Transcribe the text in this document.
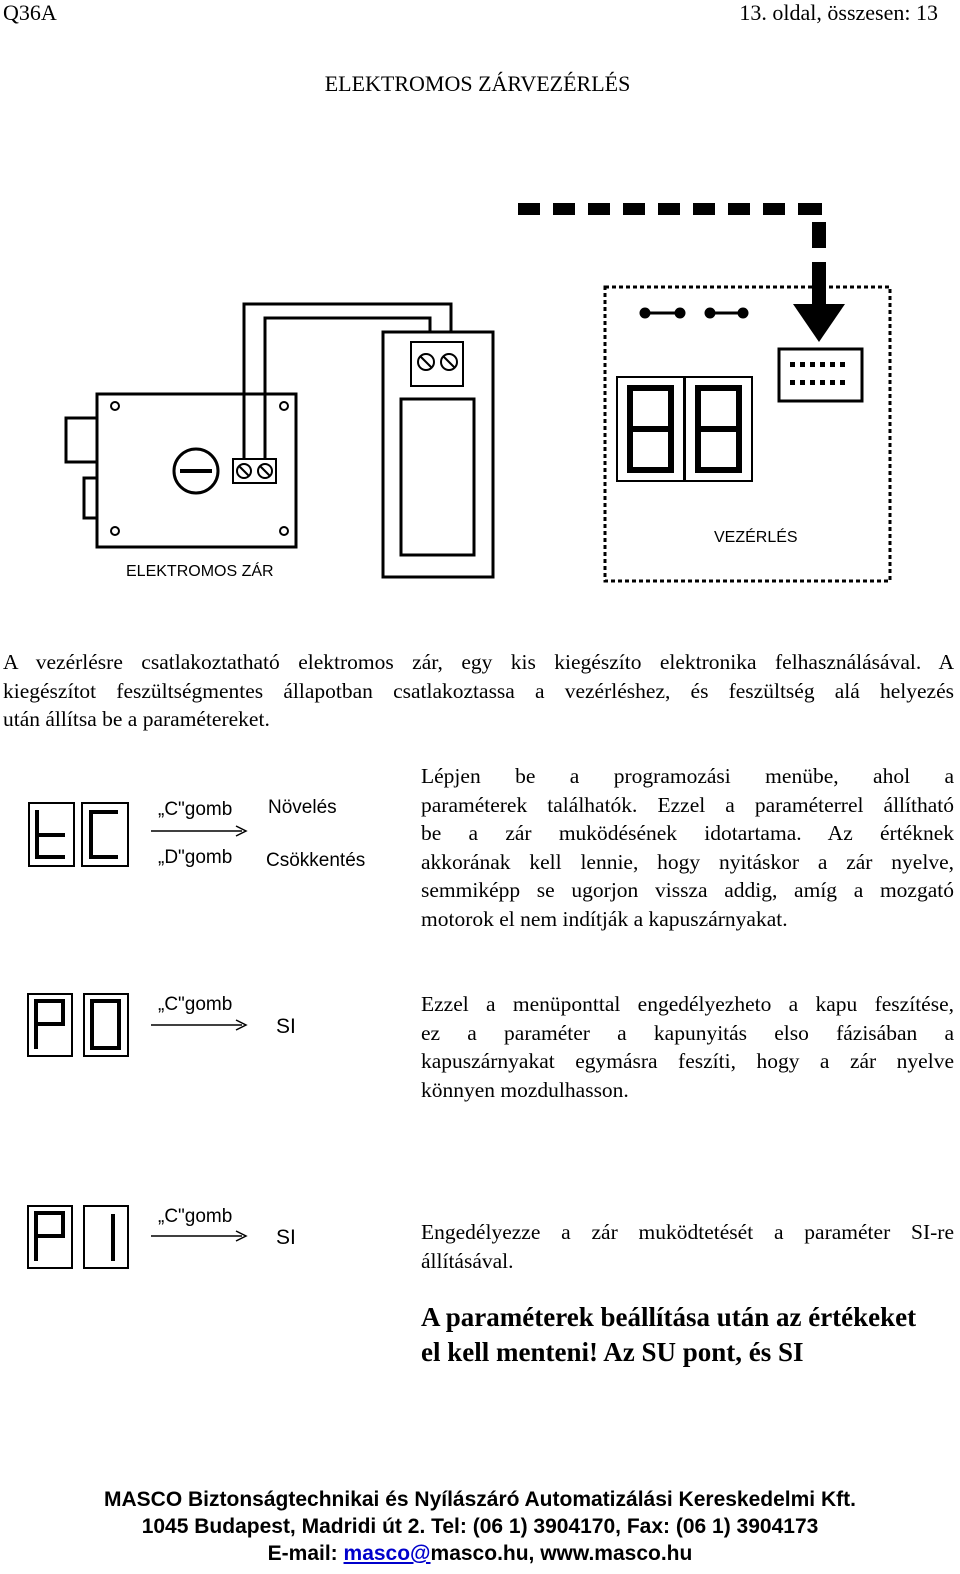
Q36A	13. oldal, összesen: 13
ELEKTROMOS ZÁRVEZÉRLÉS
ELEKTROMOS ZÁR
VEZÉRLÉS
A vezérlésre csatlakoztatható elektromos zár, egy kis kiegészíto elektronika felhasználásával. A
kiegészítot feszültségmentes állapotban csatlakoztassa a vezérléshez, és feszültség alá helyezés
után állítsa be a paramétereket.
„C"gomb
„D"gomb
Növelés
Csökkentés
Lépjen be a programozási menübe, ahol a
paraméterek találhatók. Ezzel a paraméterrel állítható
be a zár muködésének idotartama. Az értéknek
akkorának kell lennie, hogy nyitáskor a zár nyelve,
semmiképp se ugorjon vissza addig, amíg a mozgató
motorok el nem indítják a kapuszárnyakat.
„C"gomb
SI
Ezzel a menüponttal engedélyezheto a kapu feszítése,
ez a paraméter a kapunyitás elso fázisában a
kapuszárnyakat egymásra feszíti, hogy a zár nyelve
könnyen mozdulhasson.
„C"gomb
SI	Engedélyezze a zár muködtetését a paraméter SI-re
állításával.
A paraméterek beállítása után az értékeket
el kell menteni! Az SU pont, és SI
MASCO Biztonságtechnikai és Nyílászáró Automatizálási Kereskedelmi Kft.
1045 Budapest, Madridi út 2. Tel: (06 1) 3904170, Fax: (06 1) 3904173
E-mail: masco@masco.hu, www.masco.hu
